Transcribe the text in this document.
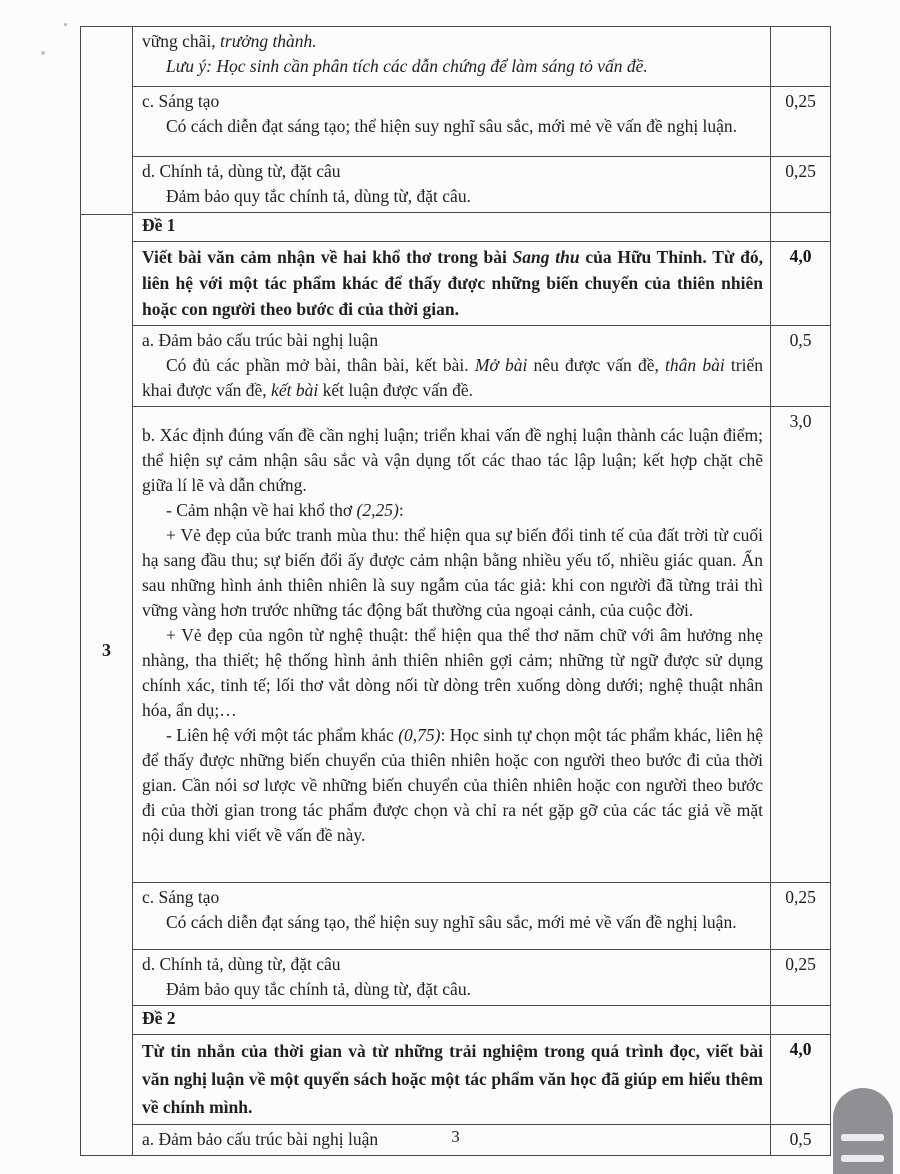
3

vững chãi, trưởng thành.

Lưu ý: Học sinh cần phân tích các dẫn chứng để làm sáng tỏ vấn đề.

c. Sáng tạo

Có cách diễn đạt sáng tạo; thể hiện suy nghĩ sâu sắc, mới mẻ về vấn đề nghị luận.

0,25

d. Chính tả, dùng từ, đặt câu

Đảm bảo quy tắc chính tả, dùng từ, đặt câu.

0,25

Đề 1

Viết bài văn cảm nhận về hai khổ thơ trong bài Sang thu của Hữu Thỉnh. Từ đó, liên hệ với một tác phẩm khác để thấy được những biến chuyển của thiên nhiên hoặc con người theo bước đi của thời gian.

4,0

a. Đảm bảo cấu trúc bài nghị luận

Có đủ các phần mở bài, thân bài, kết bài. Mở bài nêu được vấn đề, thân bài triển khai được vấn đề, kết bài kết luận được vấn đề.

0,5

b. Xác định đúng vấn đề cần nghị luận; triển khai vấn đề nghị luận thành các luận điểm; thể hiện sự cảm nhận sâu sắc và vận dụng tốt các thao tác lập luận; kết hợp chặt chẽ giữa lí lẽ và dẫn chứng.

- Cảm nhận về hai khổ thơ (2,25):

+ Vẻ đẹp của bức tranh mùa thu: thể hiện qua sự biến đổi tinh tế của đất trời từ cuối hạ sang đầu thu; sự biến đổi ấy được cảm nhận bằng nhiều yếu tố, nhiều giác quan. Ẩn sau những hình ảnh thiên nhiên là suy ngẫm của tác giả: khi con người đã từng trải thì vững vàng hơn trước những tác động bất thường của ngoại cảnh, của cuộc đời.

+ Vẻ đẹp của ngôn từ nghệ thuật: thể hiện qua thể thơ năm chữ với âm hưởng nhẹ nhàng, tha thiết; hệ thống hình ảnh thiên nhiên gợi cảm; những từ ngữ được sử dụng chính xác, tinh tế; lối thơ vắt dòng nối từ dòng trên xuống dòng dưới; nghệ thuật nhân hóa, ẩn dụ;…

- Liên hệ với một tác phẩm khác (0,75): Học sinh tự chọn một tác phẩm khác, liên hệ để thấy được những biến chuyển của thiên nhiên hoặc con người theo bước đi của thời gian. Cần nói sơ lược về những biến chuyển của thiên nhiên hoặc con người theo bước đi của thời gian trong tác phẩm được chọn và chỉ ra nét gặp gỡ của các tác giả về mặt nội dung khi viết về vấn đề này.

3,0

c. Sáng tạo

Có cách diễn đạt sáng tạo, thể hiện suy nghĩ sâu sắc, mới mẻ về vấn đề nghị luận.

0,25

d. Chính tả, dùng từ, đặt câu

Đảm bảo quy tắc chính tả, dùng từ, đặt câu.

0,25

Đề 2

Từ tin nhắn của thời gian và từ những trải nghiệm trong quá trình đọc, viết bài văn nghị luận về một quyển sách hoặc một tác phẩm văn học đã giúp em hiểu thêm về chính mình.

4,0

a. Đảm bảo cấu trúc bài nghị luận	0,5
3
